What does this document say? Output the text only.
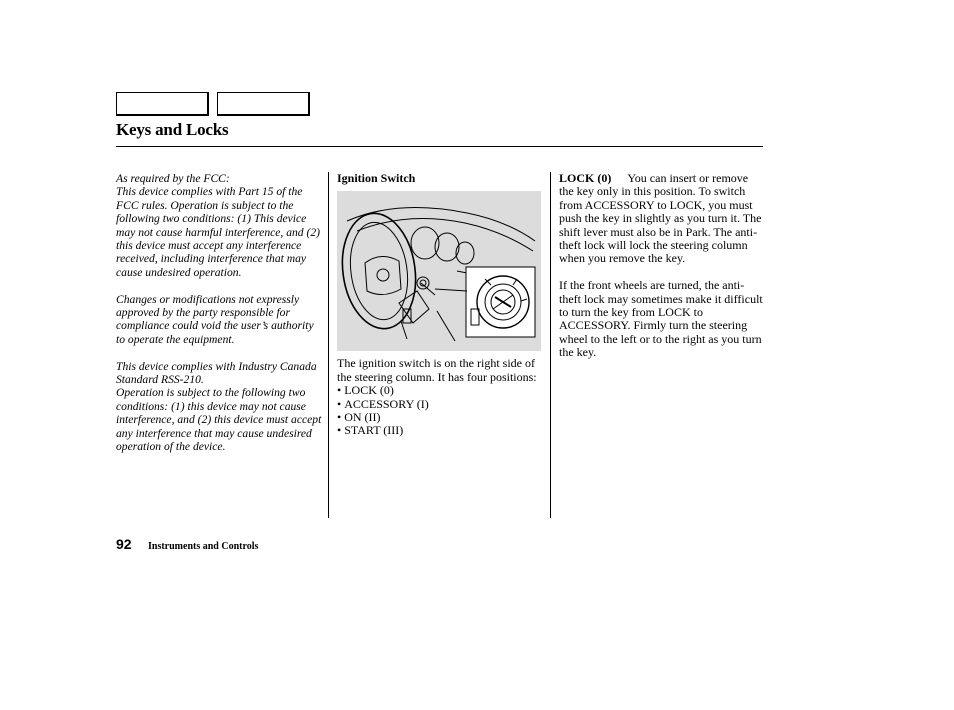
Keys and Locks

As required by the FCC:

This device complies with Part 15 of the FCC rules. Operation is subject to the following two conditions: (1) This device may not cause harmful interference, and (2) this device must accept any interference received, including interference that may cause undesired operation.

Changes or modifications not expressly approved by the party responsible for compliance could void the user’s authority to operate the equipment.

This device complies with Industry Canada Standard RSS-210.

Operation is subject to the following two conditions: (1) this device may not cause interference, and (2) this device must accept any interference that may cause undesired operation of the device.

Ignition Switch

The ignition switch is on the right side of the steering column. It has four positions:

• LOCK (0)
• ACCESSORY (I)
• ON (II)
• START (III)

LOCK (0) You can insert or remove the key only in this position. To switch from ACCESSORY to LOCK, you must push the key in slightly as you turn it. The shift lever must also be in Park. The anti-theft lock will lock the steering column when you remove the key.

If the front wheels are turned, the anti-theft lock may sometimes make it difficult to turn the key from LOCK to ACCESSORY. Firmly turn the steering wheel to the left or to the right as you turn the key.

92 Instruments and Controls
